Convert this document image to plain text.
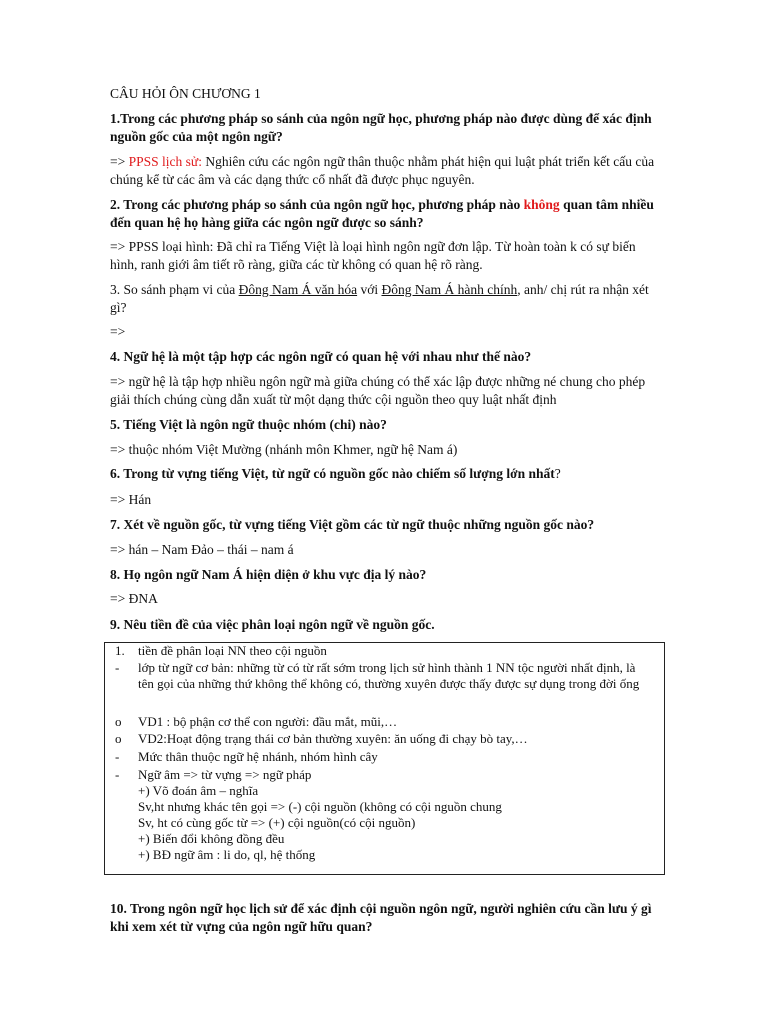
CÂU HỎI ÔN CHƯƠNG 1

1.Trong các phương pháp so sánh của ngôn ngữ học, phương pháp nào được dùng để xác định nguồn gốc của một ngôn ngữ?

=> PPSS lịch sử: Nghiên cứu các ngôn ngữ thân thuộc nhằm phát hiện qui luật phát triển kết cấu của chúng kể từ các âm và các dạng thức cổ nhất đã được phục nguyên.

2. Trong các phương pháp so sánh của ngôn ngữ học, phương pháp nào không quan tâm nhiều đến quan hệ họ hàng giữa các ngôn ngữ được so sánh?

=> PPSS loại hình: Đã chỉ ra Tiếng Việt là loại hình ngôn ngữ đơn lập. Từ hoàn toàn k có sự biến hình, ranh giới âm tiết rõ ràng, giữa các từ không có quan hệ rõ ràng.

3. So sánh phạm vi của Đông Nam Á văn hóa với Đông Nam Á hành chính, anh/ chị rút ra nhận xét gì?

=>

4. Ngữ hệ là một tập hợp các ngôn ngữ có quan hệ với nhau như thế nào?

=> ngữ hệ là tập hợp nhiều ngôn ngữ mà giữa chúng có thể xác lập được những né chung cho phép giải thích chúng cùng dẫn xuất từ một dạng thức cội nguồn theo quy luật nhất định

5. Tiếng Việt là ngôn ngữ thuộc nhóm (chi) nào?

=> thuộc nhóm Việt Mường (nhánh môn Khmer, ngữ hệ Nam á)

6. Trong từ vựng tiếng Việt, từ ngữ có nguồn gốc nào chiếm số lượng lớn nhất?

=> Hán

7. Xét về nguồn gốc, từ vựng tiếng Việt gồm các từ ngữ thuộc những nguồn gốc nào?

=> hán – Nam Đảo – thái – nam á

8. Họ ngôn ngữ Nam Á hiện diện ở khu vực địa lý nào?

=> ĐNA

9. Nêu tiền đề của việc phân loại ngôn ngữ về nguồn gốc.

1. tiền đề phân loại NN theo cội nguồn
- lớp từ ngữ cơ bản: những từ có từ rất sớm trong lịch sử hình thành 1 NN tộc người nhất định, là tên gọi của những thứ không thể không có, thường xuyên được thấy được sự dụng trong đời ống
o VD1 : bộ phận cơ thể con người: đầu mắt, mũi,…
o VD2:Hoạt động trạng thái cơ bản thường xuyên: ăn uống đi chạy bò tay,…
- Mức thân thuộc ngữ hệ nhánh, nhóm hình cây
- Ngữ âm => từ vựng => ngữ pháp
+) Võ đoán âm – nghĩa
Sv,ht nhưng khác tên gọi => (-) cội nguồn (không có cội nguồn chung
Sv, ht có cùng gốc từ => (+) cội nguồn(có cội nguồn)
+) Biến đổi không đồng đều
+) BĐ ngữ âm : li do, ql, hệ thống

10. Trong ngôn ngữ học lịch sử để xác định cội nguồn ngôn ngữ, người nghiên cứu cần lưu ý gì khi xem xét từ vựng của ngôn ngữ hữu quan?
